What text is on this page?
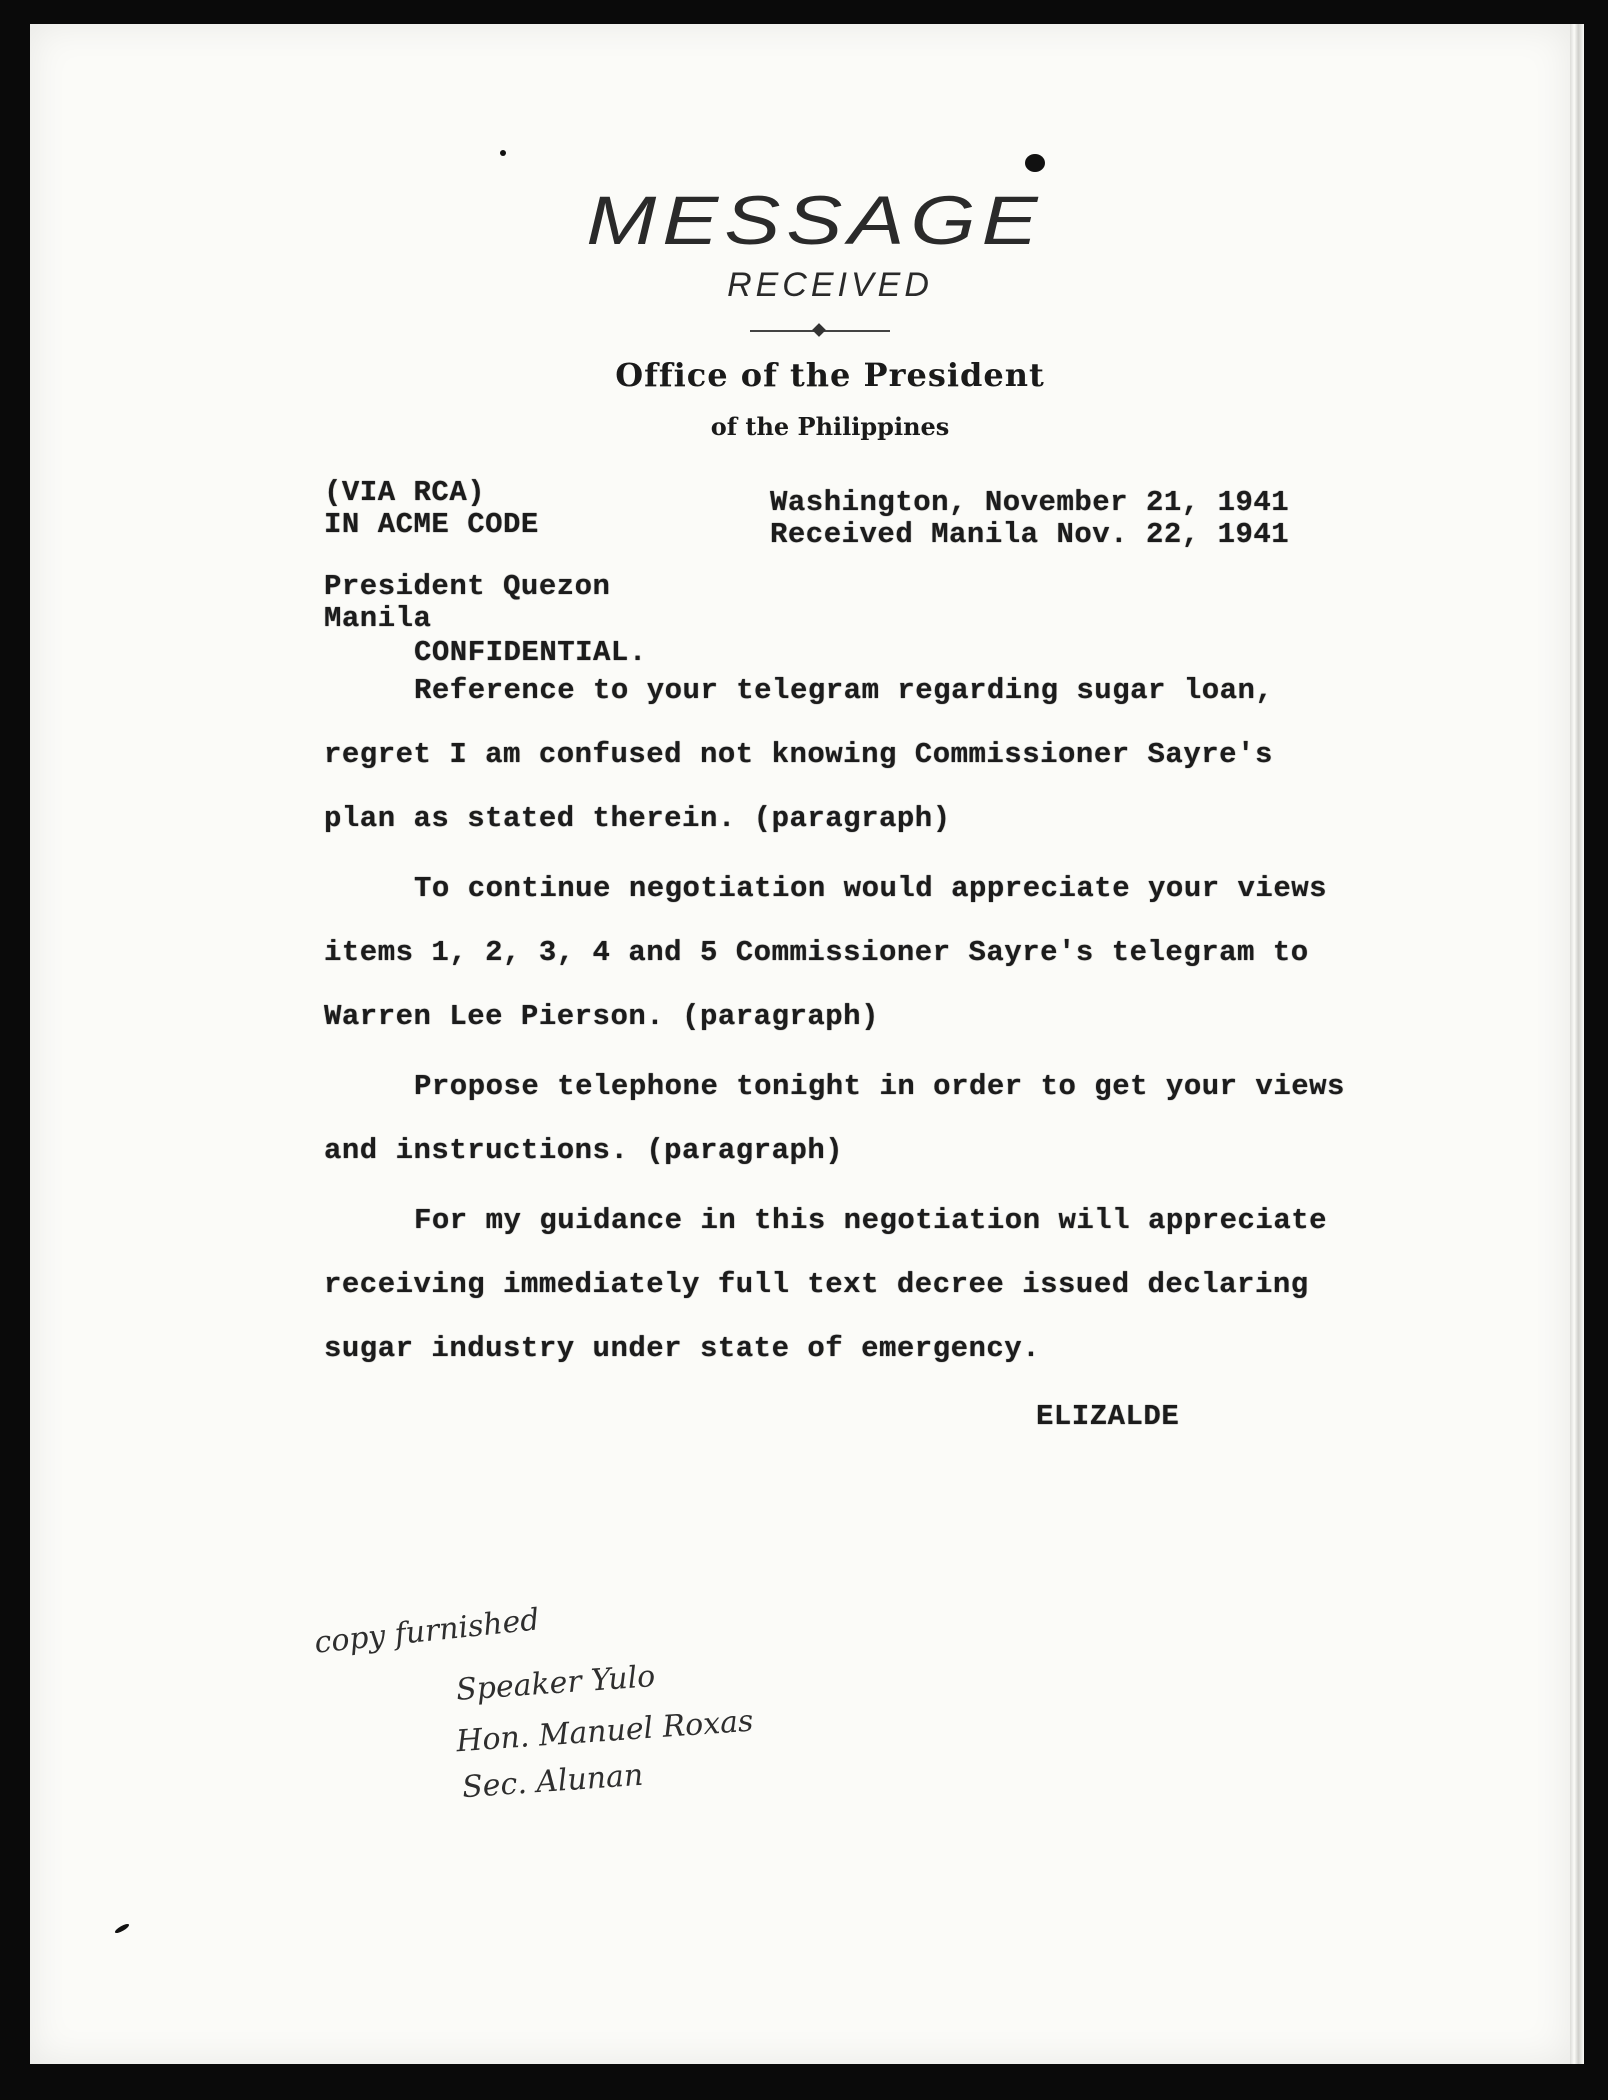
MESSAGE
RECEIVED
Office of the President
of the Philippines
(VIA RCA)
IN ACME CODE
Washington, November 21, 1941
Received Manila Nov. 22, 1941
President Quezon
Manila
CONFIDENTIAL.
Reference to your telegram regarding sugar loan,
regret I am confused not knowing Commissioner Sayre's
plan as stated therein. (paragraph)
To continue negotiation would appreciate your views
items 1, 2, 3, 4 and 5 Commissioner Sayre's telegram to
Warren Lee Pierson. (paragraph)
Propose telephone tonight in order to get your views
and instructions. (paragraph)
For my guidance in this negotiation will appreciate
receiving immediately full text decree issued declaring
sugar industry under state of emergency.
ELIZALDE
copy furnished
Speaker Yulo
Hon. Manuel Roxas
Sec. Alunan
